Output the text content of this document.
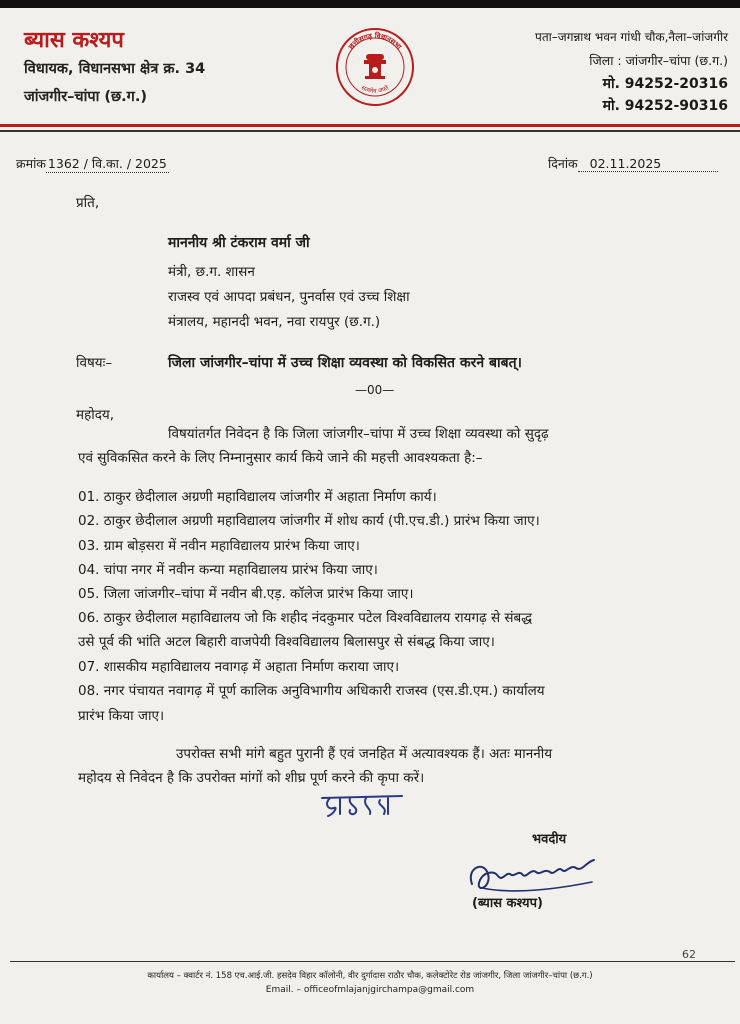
ब्यास कश्यप
विधायक, विधानसभा क्षेत्र क्र. 34
जांजगीर–चांपा (छ.ग.)
छत्तीसगढ़ विधानसभा
सत्यमेव जयते
पता–जगन्नाथ भवन गांधी चौक,नैला–जांजगीर
जिला : जांजगीर–चांपा (छ.ग.)
मो. 94252-20316
मो. 94252-90316
क्रमांक 1362 / वि.का. / 2025	दिनांक 02.11.2025
प्रति,
माननीय श्री टंकराम वर्मा जी
मंत्री, छ.ग. शासन
राजस्व एवं आपदा प्रबंधन, पुनर्वास एवं उच्च शिक्षा
मंत्रालय, महानदी भवन, नवा रायपुर (छ.ग.)
विषयः–	जिला जांजगीर–चांपा में उच्च शिक्षा व्यवस्था को विकसित करने बाबत्।
—00—
महोदय,
विषयांतर्गत निवेदन है कि जिला जांजगीर–चांपा में उच्च शिक्षा व्यवस्था को सुदृढ़
एवं सुविकसित करने के लिए निम्नानुसार कार्य किये जाने की महत्ती आवश्यकता है:–
01. ठाकुर छेदीलाल अग्रणी महाविद्यालय जांजगीर में अहाता निर्माण कार्य।
02. ठाकुर छेदीलाल अग्रणी महाविद्यालय जांजगीर में शोध कार्य (पी.एच.डी.) प्रारंभ किया जाए।
03. ग्राम बोड़सरा में नवीन महाविद्यालय प्रारंभ किया जाए।
04. चांपा नगर में नवीन कन्या महाविद्यालय प्रारंभ किया जाए।
05. जिला जांजगीर–चांपा में नवीन बी.एड़. कॉलेज प्रारंभ किया जाए।
06. ठाकुर छेदीलाल महाविद्यालय जो कि शहीद नंदकुमार पटेल विश्वविद्यालय रायगढ़ से संबद्ध
उसे पूर्व की भांति अटल बिहारी वाजपेयी विश्वविद्यालय बिलासपुर से संबद्ध किया जाए।
07. शासकीय महाविद्यालय नवागढ़ में अहाता निर्माण कराया जाए।
08. नगर पंचायत नवागढ़ में पूर्ण कालिक अनुविभागीय अधिकारी राजस्व (एस.डी.एम.) कार्यालय
प्रारंभ किया जाए।
उपरोक्त सभी मांगे बहुत पुरानी हैं एवं जनहित में अत्यावश्यक हैं। अतः माननीय
महोदय से निवेदन है कि उपरोक्त मांगों को शीघ्र पूर्ण करने की कृपा करें।
भवदीय
(ब्यास कश्यप)
62
कार्यालय – क्वार्टर नं. 158 एच.आई.जी. हसदेव विहार कॉलोनी, वीर दुर्गादास राठौर चौक, कलेक्टोरेट रोड जांजगीर, जिला जांजगीर–चांपा (छ.ग.)
Email. – officeofmlajanjgirchampa@gmail.com
